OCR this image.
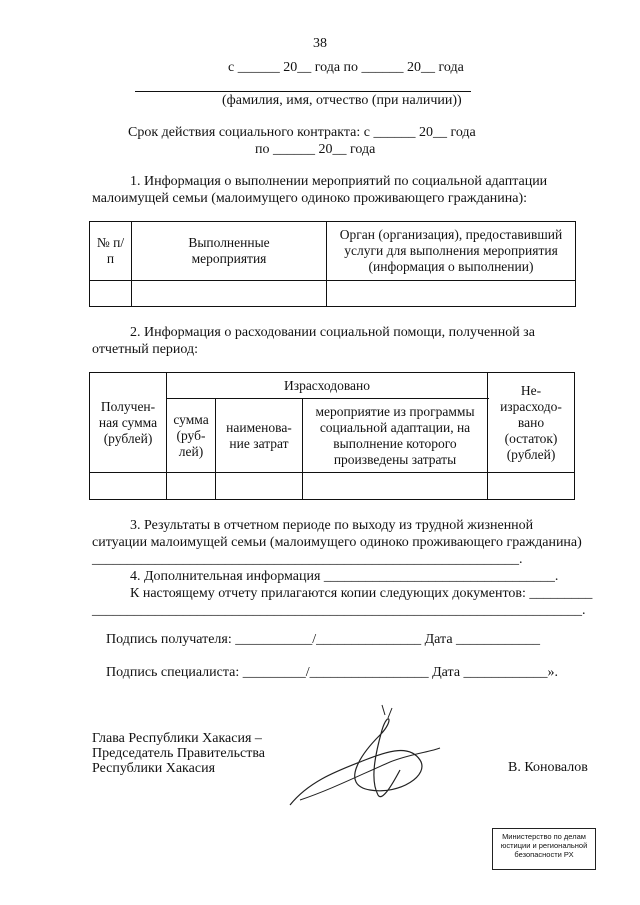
38
с ______ 20__ года по ______ 20__ года
(фамилия, имя, отчество (при наличии))
Срок действия социального контракта: с ______ 20__ года
по ______ 20__ года
1. Информация о выполнении мероприятий по социальной адаптации
малоимущей семьи (малоимущего одиноко проживающего гражданина):
№ п/п	Выполненные мероприятия	Орган (организация), предоставивший услуги для выполнения мероприятия (информация о выполнении)

2. Информация о расходовании социальной помощи, полученной за
отчетный период:
Получен-ная сумма (рублей)	Израсходовано			Не-израсходо-вано (остаток) (рублей)
	сумма (руб-лей)	наименова-ние затрат	мероприятие из программы социальной адаптации, на выполнение которого произведены затраты	

3. Результаты в отчетном периоде по выходу из трудной жизненной
ситуации малоимущей семьи (малоимущего одиноко проживающего гражданина)
_____________________________________________________________.
4. Дополнительная информация _________________________________.
К настоящему отчету прилагаются копии следующих документов: _________
______________________________________________________________________.
Подпись получателя: ___________/_______________ Дата ____________
Подпись специалиста: _________/_________________ Дата ____________».
Глава Республики Хакасия –
Председатель Правительства
Республики Хакасия	В. Коновалов
Министерство по делам
юстиции и региональной
безопасности РХ
